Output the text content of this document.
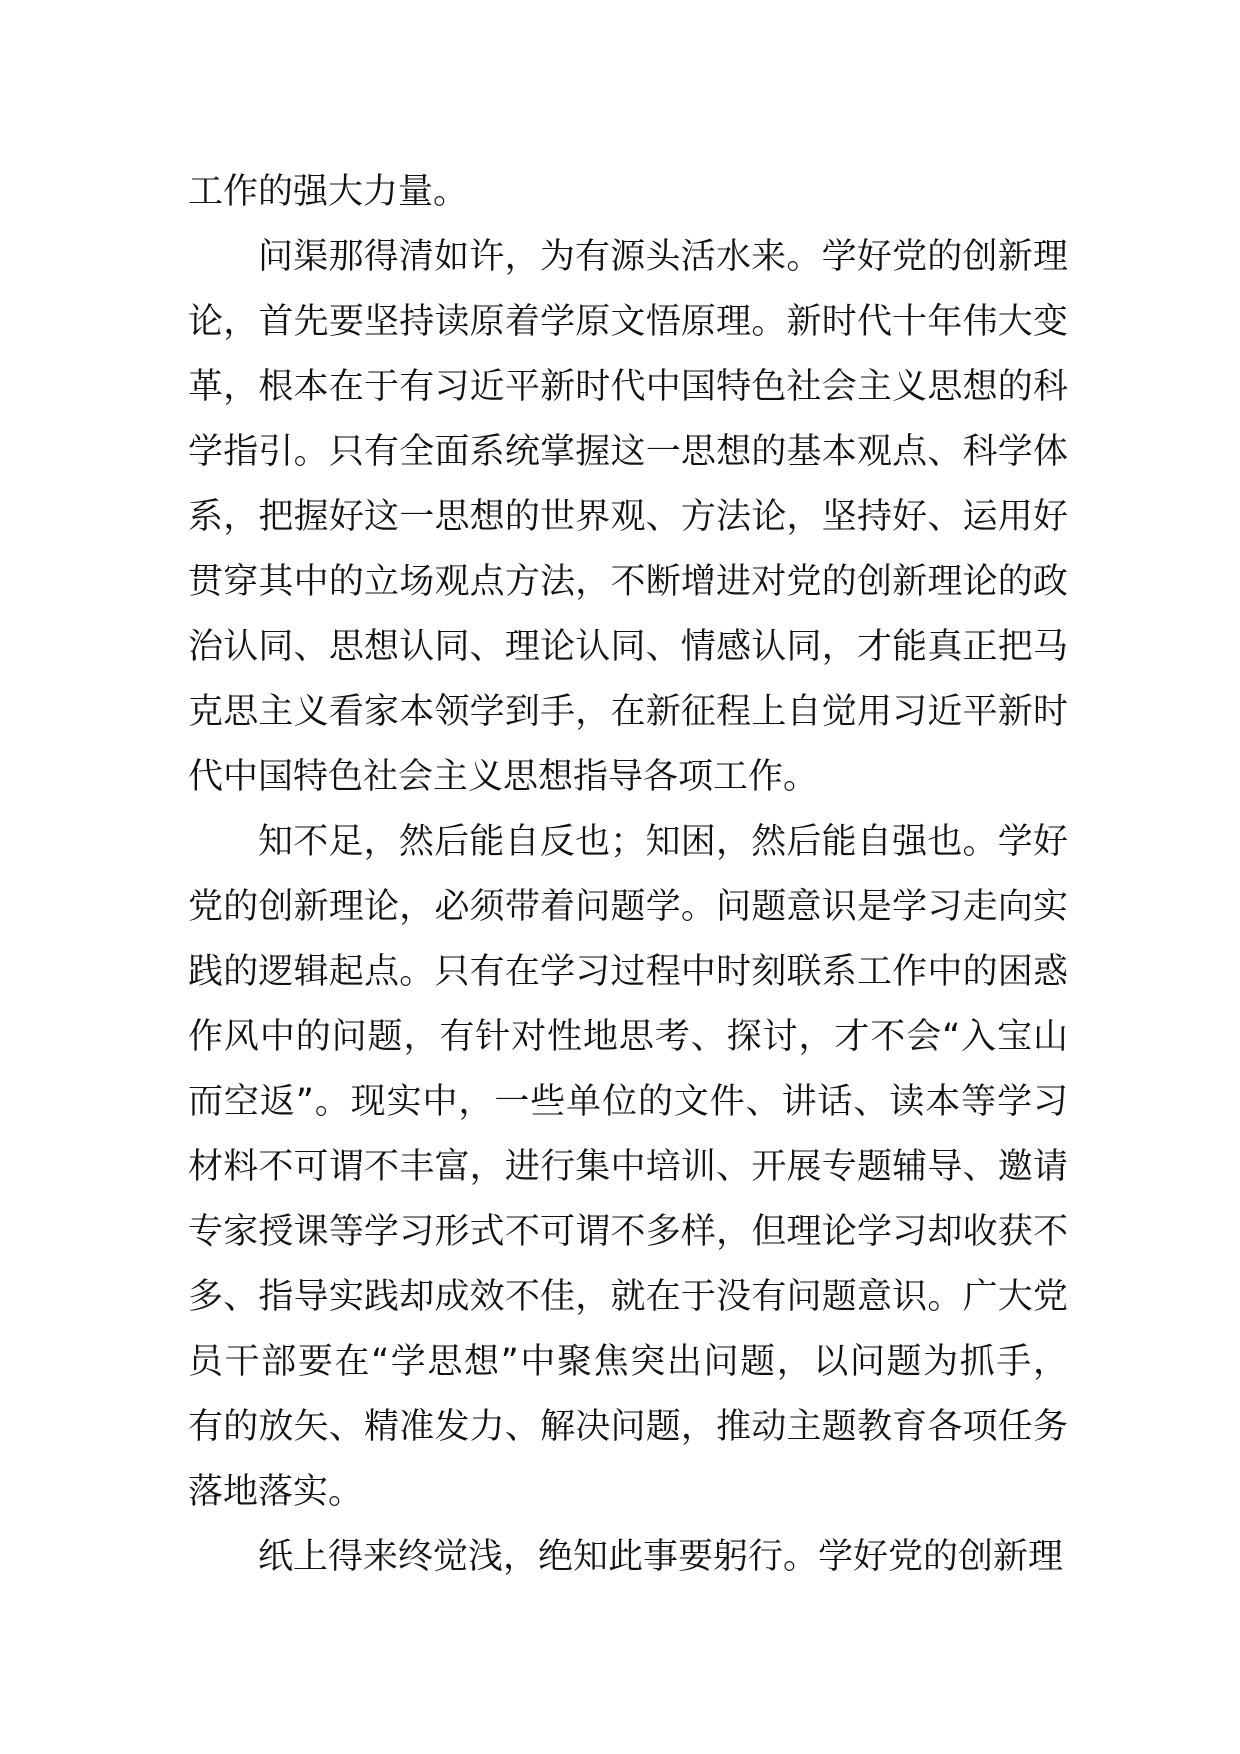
工作的强大力量。
问渠那得清如许，为有源头活水来。学好党的创新理
论，首先要坚持读原着学原文悟原理。新时代十年伟大变
革，根本在于有习近平新时代中国特色社会主义思想的科
学指引。只有全面系统掌握这一思想的基本观点、科学体
系，把握好这一思想的世界观、方法论，坚持好、运用好
贯穿其中的立场观点方法，不断增进对党的创新理论的政
治认同、思想认同、理论认同、情感认同，才能真正把马
克思主义看家本领学到手，在新征程上自觉用习近平新时
代中国特色社会主义思想指导各项工作。
知不足，然后能自反也；知困，然后能自强也。学好
党的创新理论，必须带着问题学。问题意识是学习走向实
践的逻辑起点。只有在学习过程中时刻联系工作中的困惑
作风中的问题，有针对性地思考、探讨，才不会“入宝山
而空返”。现实中，一些单位的文件、讲话、读本等学习
材料不可谓不丰富，进行集中培训、开展专题辅导、邀请
专家授课等学习形式不可谓不多样，但理论学习却收获不
多、指导实践却成效不佳，就在于没有问题意识。广大党
员干部要在“学思想”中聚焦突出问题，以问题为抓手，
有的放矢、精准发力、解决问题，推动主题教育各项任务
落地落实。
纸上得来终觉浅，绝知此事要躬行。学好党的创新理
